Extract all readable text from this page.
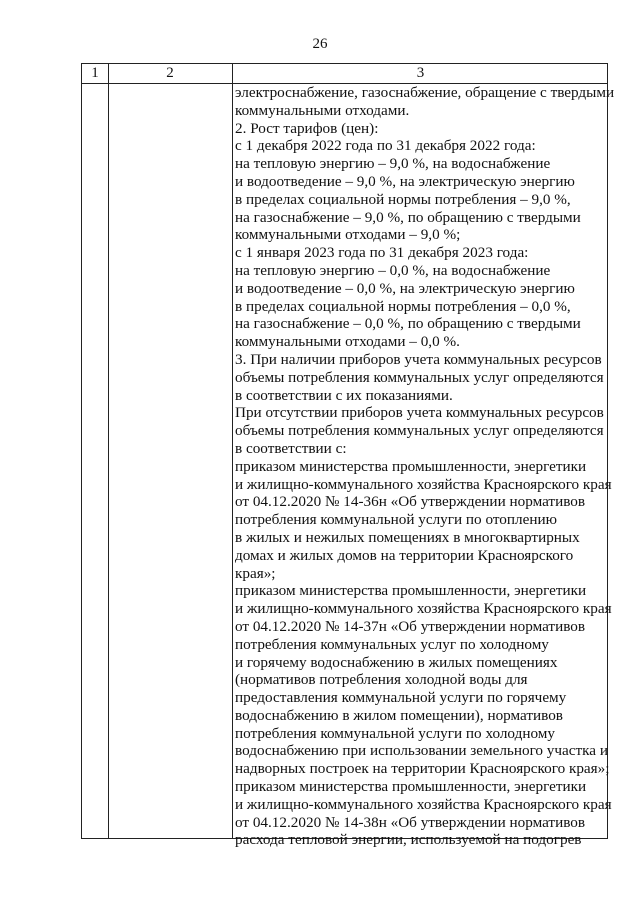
26
1	2	3
электроснабжение, газоснабжение, обращение с твердыми
коммунальными отходами.
2. Рост тарифов (цен):
с 1 декабря 2022 года по 31 декабря 2022 года:
на тепловую энергию – 9,0 %, на водоснабжение
и водоотведение – 9,0 %, на электрическую энергию
в пределах социальной нормы потребления – 9,0 %,
на газоснабжение – 9,0 %, по обращению с твердыми
коммунальными отходами – 9,0 %;
с 1 января 2023 года по 31 декабря 2023 года:
на тепловую энергию – 0,0 %, на водоснабжение
и водоотведение – 0,0 %, на электрическую энергию
в пределах социальной нормы потребления – 0,0 %,
на газоснабжение – 0,0 %, по обращению с твердыми
коммунальными отходами – 0,0 %.
3. При наличии приборов учета коммунальных ресурсов
объемы потребления коммунальных услуг определяются
в соответствии с их показаниями.
При отсутствии приборов учета коммунальных ресурсов
объемы потребления коммунальных услуг определяются
в соответствии с:
приказом министерства промышленности, энергетики
и жилищно-коммунального хозяйства Красноярского края
от 04.12.2020 № 14-36н «Об утверждении нормативов
потребления коммунальной услуги по отоплению
в жилых и нежилых помещениях в многоквартирных
домах и жилых домов на территории Красноярского
края»;
приказом министерства промышленности, энергетики
и жилищно-коммунального хозяйства Красноярского края
от 04.12.2020 № 14-37н «Об утверждении нормативов
потребления коммунальных услуг по холодному
и горячему водоснабжению в жилых помещениях
(нормативов потребления холодной воды для
предоставления коммунальной услуги по горячему
водоснабжению в жилом помещении), нормативов
потребления коммунальной услуги по холодному
водоснабжению при использовании земельного участка и
надворных построек на территории Красноярского края»;
приказом министерства промышленности, энергетики
и жилищно-коммунального хозяйства Красноярского края
от 04.12.2020 № 14-38н «Об утверждении нормативов
расхода тепловой энергии, используемой на подогрев
